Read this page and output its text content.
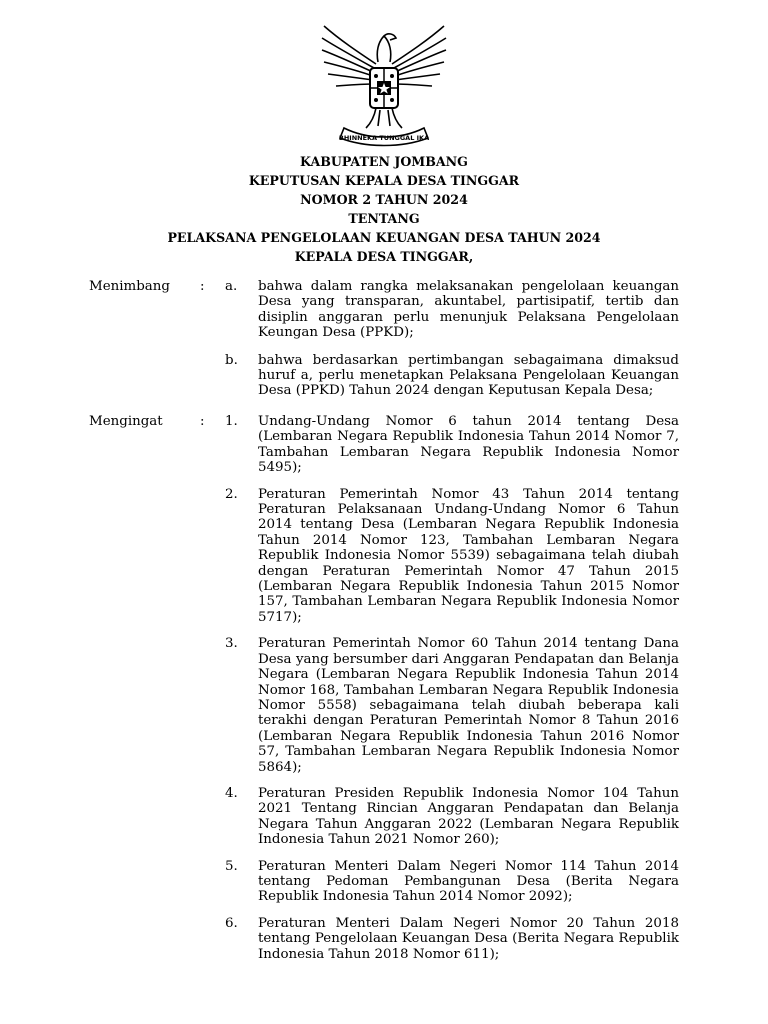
BHINNEKA TUNGGAL IKA
KABUPATEN JOMBANG
KEPUTUSAN KEPALA DESA TINGGAR
NOMOR 2 TAHUN 2024
TENTANG
PELAKSANA PENGELOLAAN KEUANGAN DESA TAHUN 2024
KEPALA DESA TINGGAR,
Menimbang : a. bahwa dalam rangka melaksanakan pengelolaan keuangan Desa yang transparan, akuntabel, partisipatif, tertib dan disiplin anggaran perlu menunjuk Pelaksana Pengelolaan Keungan Desa (PPKD);
b. bahwa berdasarkan pertimbangan sebagaimana dimaksud huruf a, perlu menetapkan Pelaksana Pengelolaan Keuangan Desa (PPKD) Tahun 2024 dengan Keputusan Kepala Desa;
Mengingat	: 1. Undang-Undang Nomor 6 tahun 2014 tentang Desa (Lembaran Negara Republik Indonesia Tahun 2014 Nomor 7, Tambahan Lembaran Negara Republik Indonesia Nomor 5495);
2. Peraturan Pemerintah Nomor 43 Tahun 2014 tentang Peraturan Pelaksanaan Undang-Undang Nomor 6 Tahun 2014 tentang Desa (Lembaran Negara Republik Indonesia Tahun 2014 Nomor 123, Tambahan Lembaran Negara Republik Indonesia Nomor 5539) sebagaimana telah diubah dengan Peraturan Pemerintah Nomor 47 Tahun 2015 (Lembaran Negara Republik Indonesia Tahun 2015 Nomor 157, Tambahan Lembaran Negara Republik Indonesia Nomor 5717);
3. Peraturan Pemerintah Nomor 60 Tahun 2014 tentang Dana Desa yang bersumber dari Anggaran Pendapatan dan Belanja Negara (Lembaran Negara Republik Indonesia Tahun 2014 Nomor 168, Tambahan Lembaran Negara Republik Indonesia Nomor 5558) sebagaimana telah diubah beberapa kali terakhi dengan Peraturan Pemerintah Nomor 8 Tahun 2016 (Lembaran Negara Republik Indonesia Tahun 2016 Nomor 57, Tambahan Lembaran Negara Republik Indonesia Nomor 5864);
4. Peraturan Presiden Republik Indonesia Nomor 104 Tahun 2021 Tentang Rincian Anggaran Pendapatan dan Belanja Negara Tahun Anggaran 2022 (Lembaran Negara Republik Indonesia Tahun 2021 Nomor 260);
5. Peraturan Menteri Dalam Negeri Nomor 114 Tahun 2014 tentang Pedoman Pembangunan Desa (Berita Negara Republik Indonesia Tahun 2014 Nomor 2092);
6. Peraturan Menteri Dalam Negeri Nomor 20 Tahun 2018 tentang Pengelolaan Keuangan Desa (Berita Negara Republik Indonesia Tahun 2018 Nomor 611);
